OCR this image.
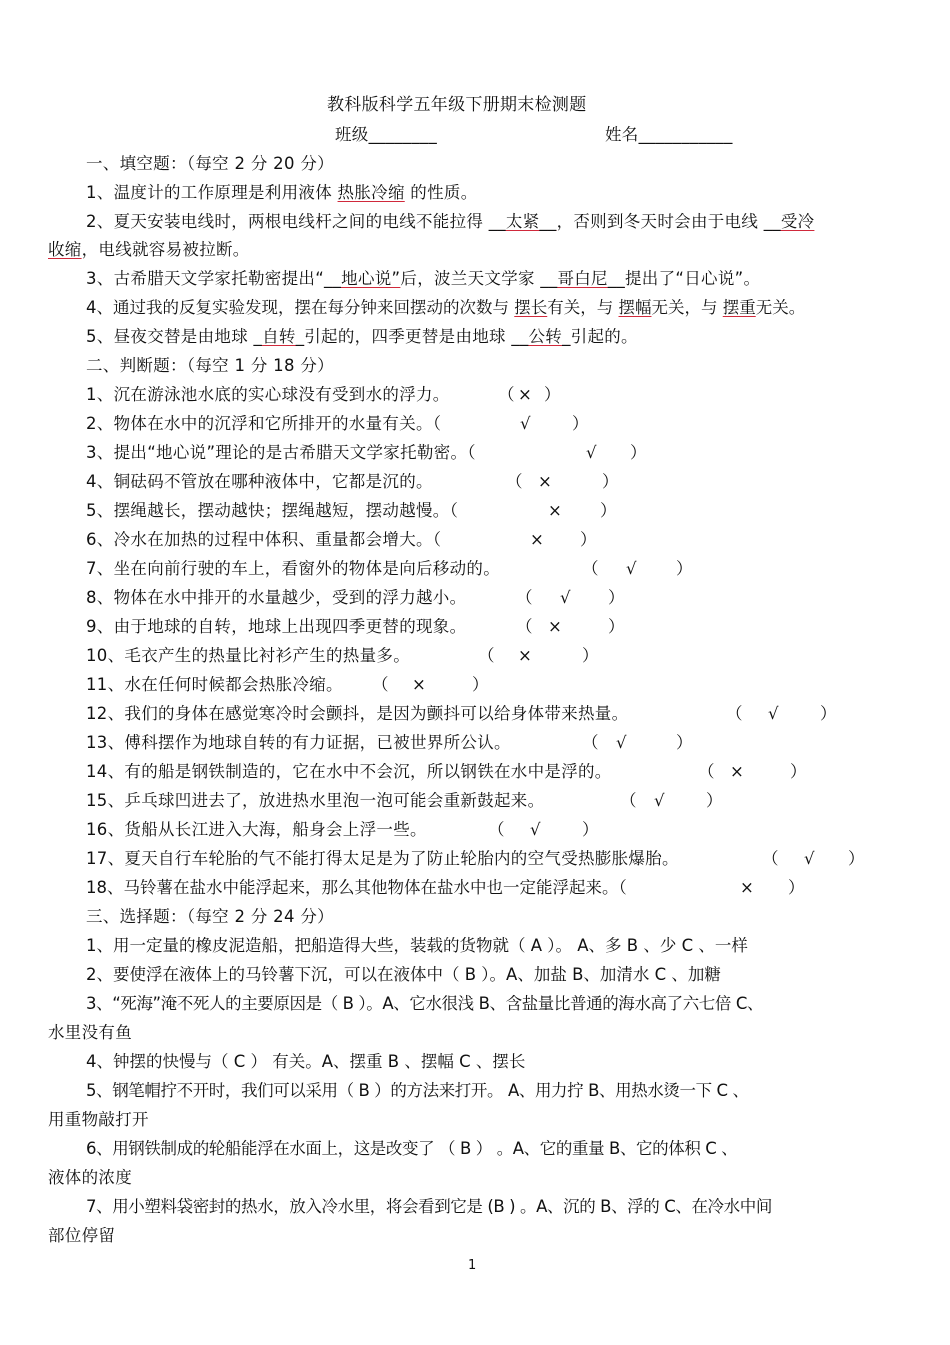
教科版科学五年级下册期末检测题
班级________	姓名___________
一、填空题：（每空 2 分 20 分）
1、温度计的工作原理是利用液体 热胀冷缩 的性质。
2、夏天安装电线时，两根电线杆之间的电线不能拉得 __太紧__，否则到冬天时会由于电线 __受冷
收缩，电线就容易被拉断。
3、古希腊天文学家托勒密提出“__地心说”后，波兰天文学家 __哥白尼__提出了“日心说”。
4、通过我的反复实验发现，摆在每分钟来回摆动的次数与 摆长有关，与 摆幅无关，与 摆重无关。
5、昼夜交替是由地球 _自转_引起的，四季更替是由地球 __公转_引起的。
二、判断题：（每空 1 分 18 分）
1、沉在游泳池水底的实心球没有受到水的浮力。	（ × ）
2、物体在水中的沉浮和它所排开的水量有关。（	√ ）
3、提出“地心说”理论的是古希腊天文学家托勒密。（	√ ）
4、铜砝码不管放在哪种液体中，它都是沉的。	（ ×	）
5、摆绳越长，摆动越快；摆绳越短，摆动越慢。（	× ）
6、冷水在加热的过程中体积、重量都会增大。（	× ）
7、坐在向前行驶的车上，看窗外的物体是向后移动的。	（ √ ）
8、物体在水中排开的水量越少，受到的浮力越小。	（ √ ）
9、由于地球的自转，地球上出现四季更替的现象。	（ ×	）
10、毛衣产生的热量比衬衫产生的热量多。	（ ×	）
11、水在任何时候都会热胀冷缩。 （ ×	）
12、我们的身体在感觉寒冷时会颤抖，是因为颤抖可以给身体带来热量。	（ √ ）
13、傅科摆作为地球自转的有力证据，已被世界所公认。	（ √	）
14、有的船是钢铁制造的，它在水中不会沉，所以钢铁在水中是浮的。	（ ×	）
15、乒乓球凹进去了，放进热水里泡一泡可能会重新鼓起来。	（ √ ）
16、货船从长江进入大海，船身会上浮一些。	（ √ ）
17、夏天自行车轮胎的气不能打得太足是为了防止轮胎内的空气受热膨胀爆胎。	（ √ ）
18、马铃薯在盐水中能浮起来，那么其他物体在盐水中也一定能浮起来。（	× ）
三、选择题：（每空 2 分 24 分）
1、用一定量的橡皮泥造船，把船造得大些，装载的货物就（ A ）。 A、多 B 、少 C 、一样
2、要使浮在液体上的马铃薯下沉，可以在液体中（ B ）。A、加盐 B、加清水 C 、加糖
3、“死海”淹不死人的主要原因是（ B ）。A、它水很浅 B、含盐量比普通的海水高了六七倍 C、
水里没有鱼
4、钟摆的快慢与（ C ） 有关。A、摆重 B 、摆幅 C 、摆长
5、钢笔帽拧不开时，我们可以采用（ B ）的方法来打开。 A、用力拧 B、用热水烫一下 C 、
用重物敲打开
6、用钢铁制成的轮船能浮在水面上，这是改变了 （ B ） 。A、它的重量 B、它的体积 C 、
液体的浓度
7、用小塑料袋密封的热水，放入冷水里，将会看到它是 (B ) 。A、沉的 B、浮的 C、在冷水中间
部位停留
1
